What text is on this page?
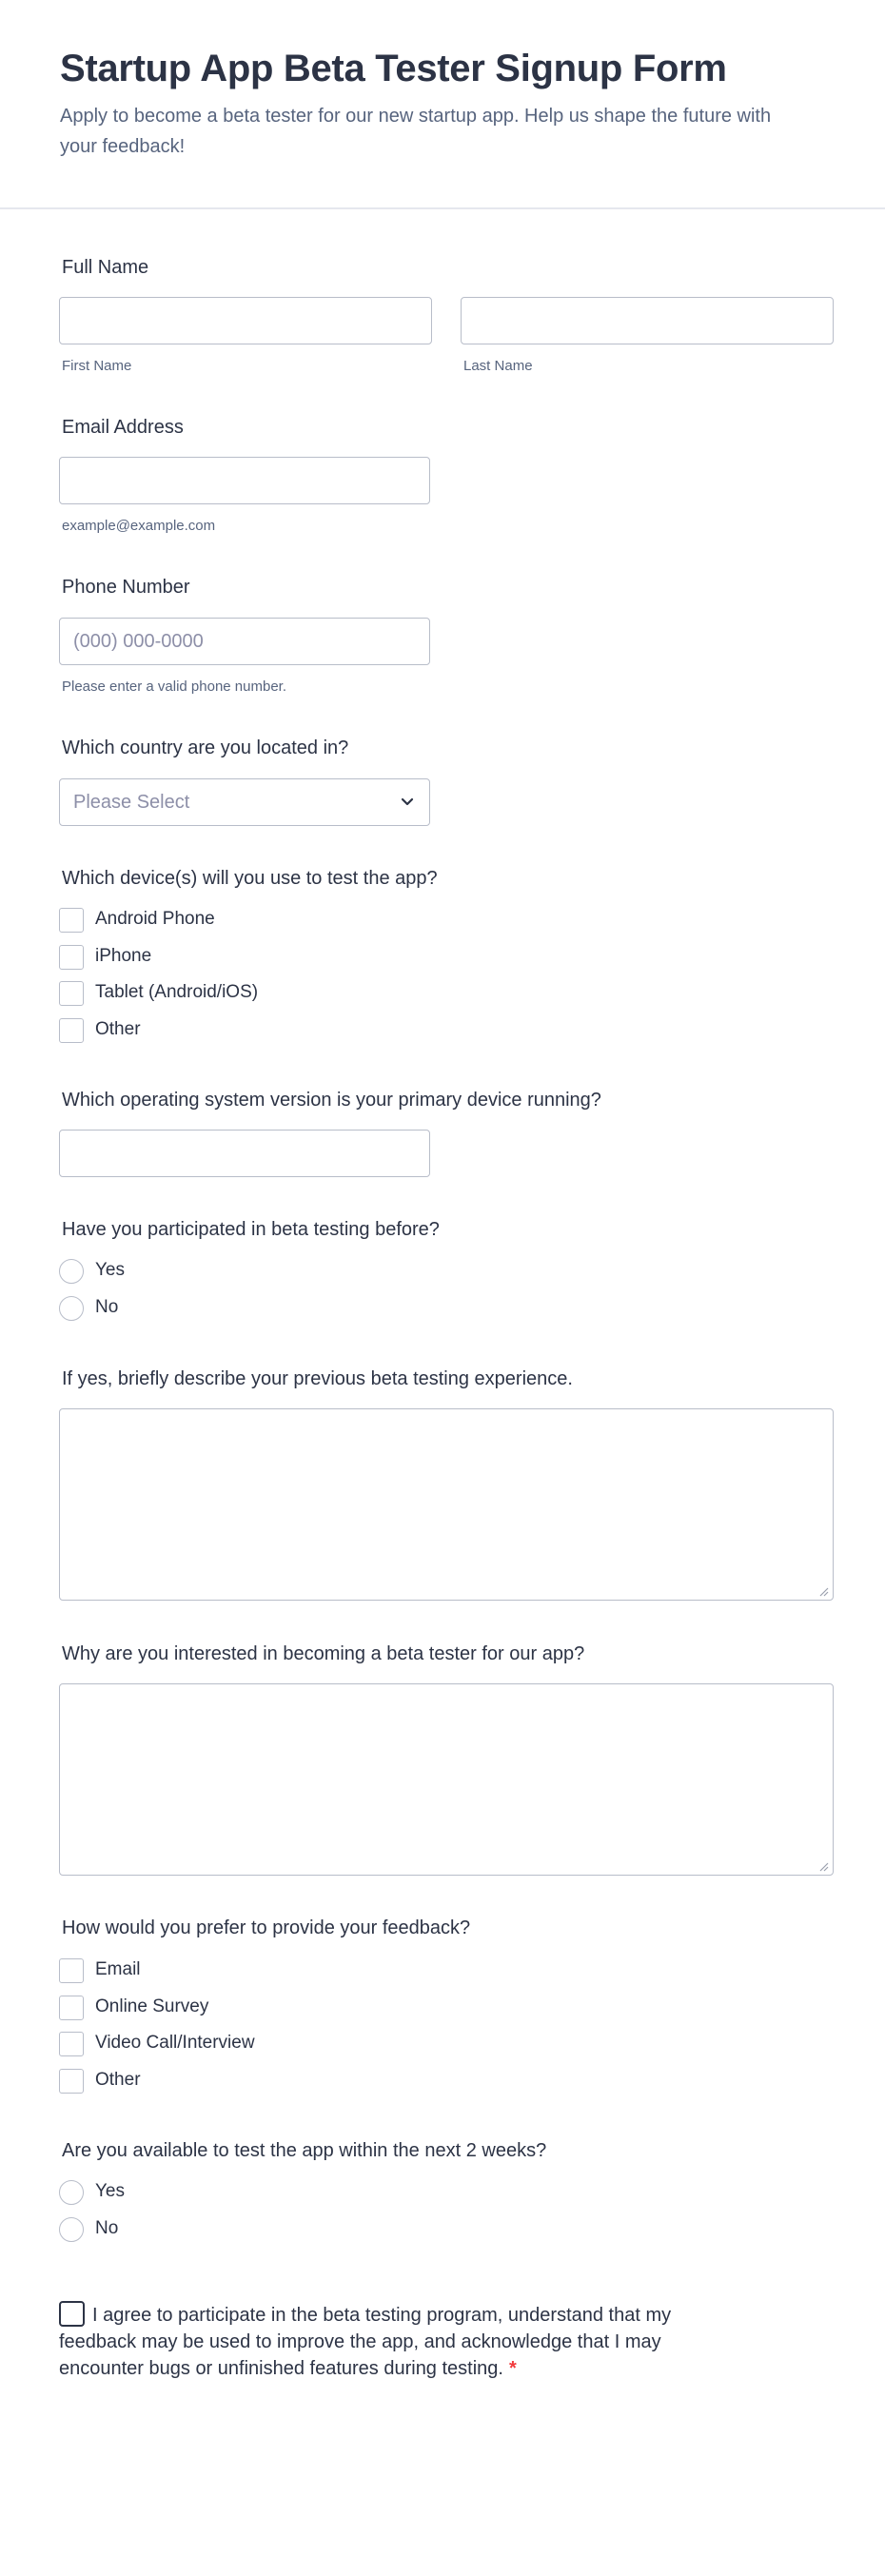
Startup App Beta Tester Signup Form

Apply to become a beta tester for our new startup app. Help us shape the future with your feedback!

Full Name
First Name	Last Name
Email Address
example@example.com
Phone Number
(000) 000-0000
Please enter a valid phone number.
Which country are you located in?
Please Select
Which device(s) will you use to test the app?
Android Phone
iPhone
Tablet (Android/iOS)
Other
Which operating system version is your primary device running?
Have you participated in beta testing before?
Yes
No
If yes, briefly describe your previous beta testing experience.
Why are you interested in becoming a beta tester for our app?
How would you prefer to provide your feedback?
Email
Online Survey
Video Call/Interview
Other
Are you available to test the app within the next 2 weeks?
Yes
No
I agree to participate in the beta testing program, understand that my feedback may be used to improve the app, and acknowledge that I may encounter bugs or unfinished features during testing. *
